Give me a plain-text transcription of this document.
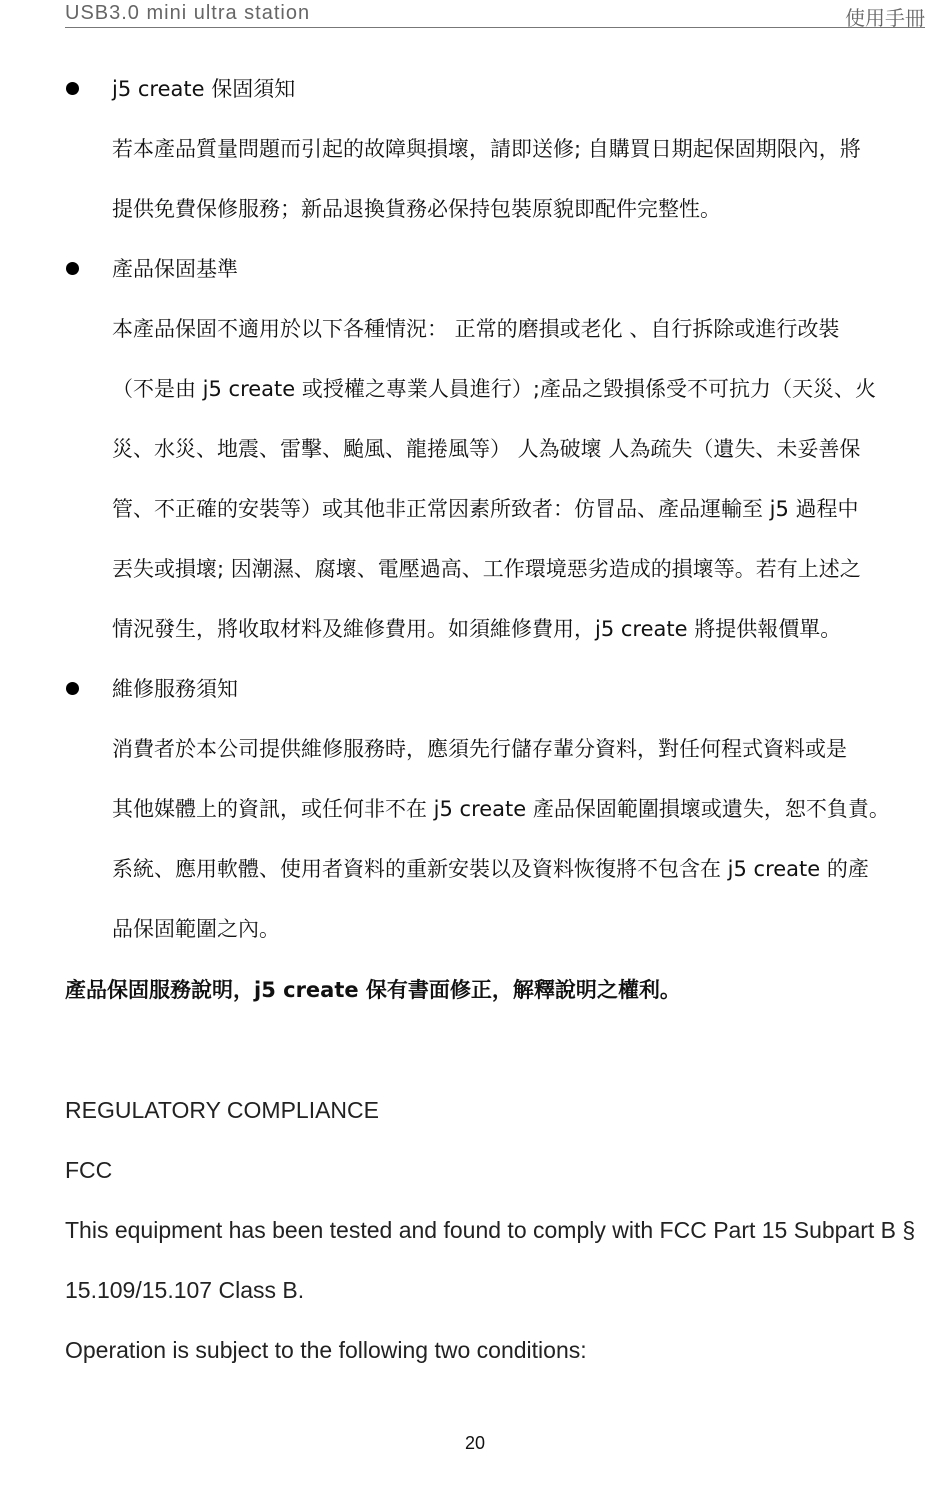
USB3.0 mini ultra station	使用手冊
j5 create 保固須知
若本產品質量問題而引起的故障與損壞，請即送修; 自購買日期起保固期限內，將
提供免費保修服務；新品退換貨務必保持包裝原貌即配件完整性。
產品保固基準
本產品保固不適用於以下各種情況： 正常的磨損或老化 、自行拆除或進行改裝
（不是由 j5 create 或授權之專業人員進行）;產品之毀損係受不可抗力（天災、火
災、水災、地震、雷擊、颱風、龍捲風等） 人為破壞 人為疏失（遺失、未妥善保
管、不正確的安裝等）或其他非正常因素所致者：仿冒品、產品運輸至 j5 過程中
丟失或損壞; 因潮濕、腐壞、電壓過高、工作環境惡劣造成的損壞等。若有上述之
情況發生，將收取材料及維修費用。如須維修費用，j5 create 將提供報價單。
維修服務須知
消費者於本公司提供維修服務時，應須先行儲存輩分資料，對任何程式資料或是
其他媒體上的資訊，或任何非不在 j5 create 產品保固範圍損壞或遺失，恕不負責。
系統、應用軟體、使用者資料的重新安裝以及資料恢復將不包含在 j5 create 的產
品保固範圍之內。
產品保固服務說明，j5 create 保有書面修正，解釋說明之權利。
REGULATORY COMPLIANCE
FCC
This equipment has been tested and found to comply with FCC Part 15 Subpart B §
15.109/15.107 Class B.
Operation is subject to the following two conditions:
20
